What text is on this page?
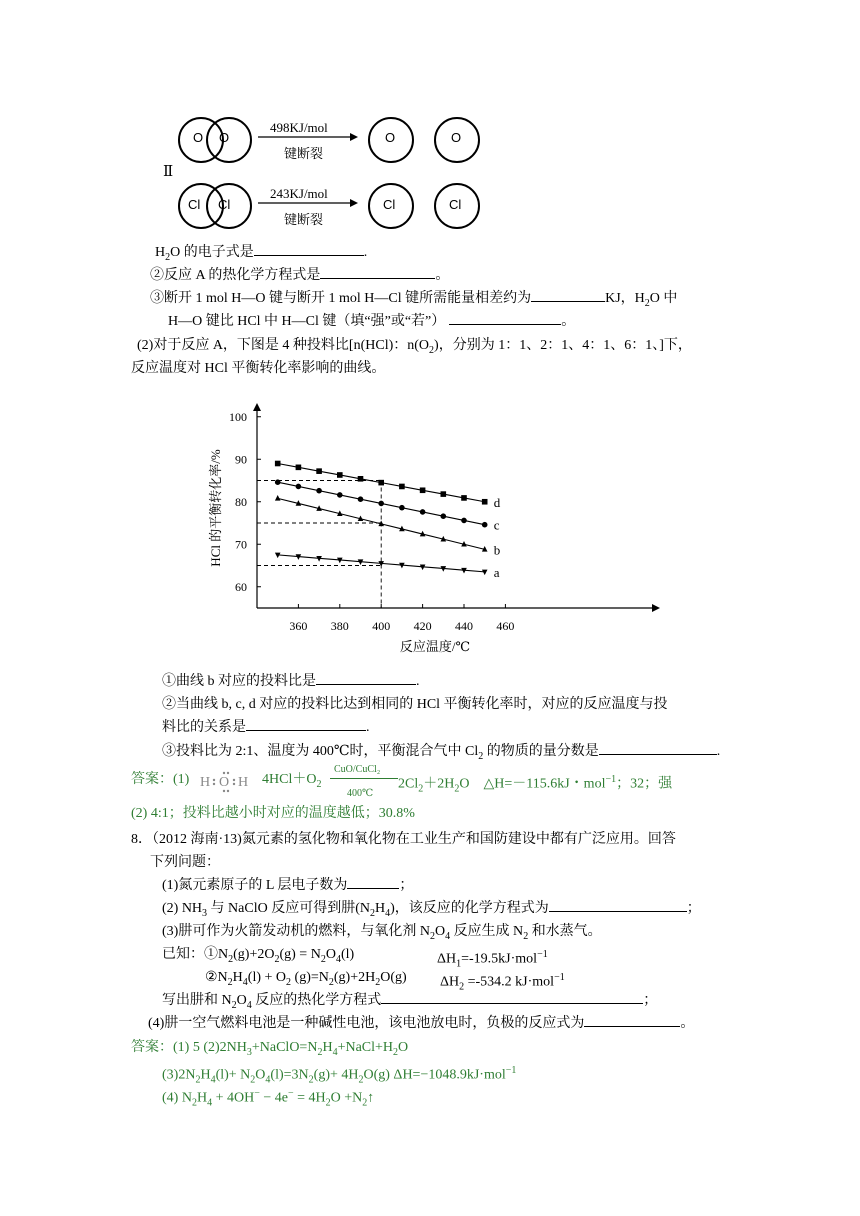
O O
498KJ/mol
键断裂
O	O
Ⅱ
Cl Cl
243KJ/mol
键断裂
Cl	Cl
$H_2O$ 的电子式是	.
②反应 A 的热化学方程式是	。
③断开 1 mol H—O 键与断开 1 mol H—Cl 键所需能量相差约为	KJ，$H_2O$ 中
H—O 键比 HCl 中 H—Cl 键（填“强”或“若”）	。
(2)对于反应 A，下图是 4 种投料比[n(HCl)：$n(O_2)$，分别为 1：1、2：1、4：1、6：1、]下，
反应温度对 HCl 平衡转化率影响的曲线。
360 380 400 420 440 460
60
70
80
90
100
反应温度/℃
HCl 的平衡转化率/%	d
c
b
a
①曲线 b 对应的投料比是	.
②当曲线 b, c, d 对应的投料比达到相同的 HCl 平衡转化率时，对应的反应温度与投
料比的关系是	.
③投料比为 2:1、温度为 400℃时，平衡混合气中 $Cl_2$ 的物质的量分数是	.
答案：(1) H O H $4HCl+O_2$
CuO/CuCl₂
400℃
$2Cl_2+2H_2O$ △H=－115.6kJ・mol$^{-1}$；32；强
(2) 4:1；投料比越小时对应的温度越低；30.8%
8．（2012 海南·13)氮元素的氢化物和氧化物在工业生产和国防建设中都有广泛应用。回答
下列问题：
(1)氮元素原子的 L 层电子数为	；
(2) $NH_3$ 与 NaClO 反应可得到肼$(N_2H_4)$，该反应的化学方程式为	；
(3)肼可作为火箭发动机的燃料，与氧化剂 $N_2O_4$ 反应生成 $N_2$ 和水蒸气。
已知：$①N_2(g)+2O_2(g) = N_2O_4(l)$	$\Delta H_1=-19.5kJ\cdot mol^{-1}$
$②N_2H_4(l) + O_2$ $(g)=N_2(g)+2H_2O(g)$ $\Delta H_2 =-534.2$ kJ·mol$^{-1}$
写出肼和 $N_2O_4$ 反应的热化学方程式	；
(4)肼一空气燃料电池是一种碱性电池，该电池放电时，负极的反应式为	。
答案：(1) 5 $(2)2NH_3+NaClO=N_2H_4+NaCl+H_2O$
$(3)2N_2H_4(l)+ N_2O_4(l)=3N_2(g)+ 4H_2O(g)$ ΔH=−1048.9kJ·mol$^{-1}$
(4) $N_2H_4 + 4OH^- - 4e^- = 4H_2O$ $+N_2↑$
